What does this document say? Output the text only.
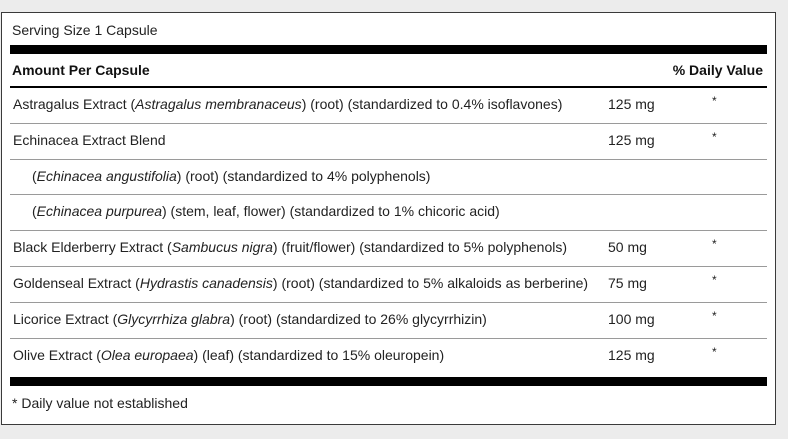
Serving Size 1 Capsule
Amount Per Capsule	% Daily Value
Astragalus Extract (Astragalus membranaceus) (root) (standardized to 0.4% isoflavones)	125 mg	*
Echinacea Extract Blend	125 mg	*
(Echinacea angustifolia) (root) (standardized to 4% polyphenols)
(Echinacea purpurea) (stem, leaf, flower) (standardized to 1% chicoric acid)
Black Elderberry Extract (Sambucus nigra) (fruit/flower) (standardized to 5% polyphenols)	50 mg	*
Goldenseal Extract (Hydrastis canadensis) (root) (standardized to 5% alkaloids as berberine) 75 mg	*
Licorice Extract (Glycyrrhiza glabra) (root) (standardized to 26% glycyrrhizin)	100 mg	*
Olive Extract (Olea europaea) (leaf) (standardized to 15% oleuropein)	125 mg	*
* Daily value not established
